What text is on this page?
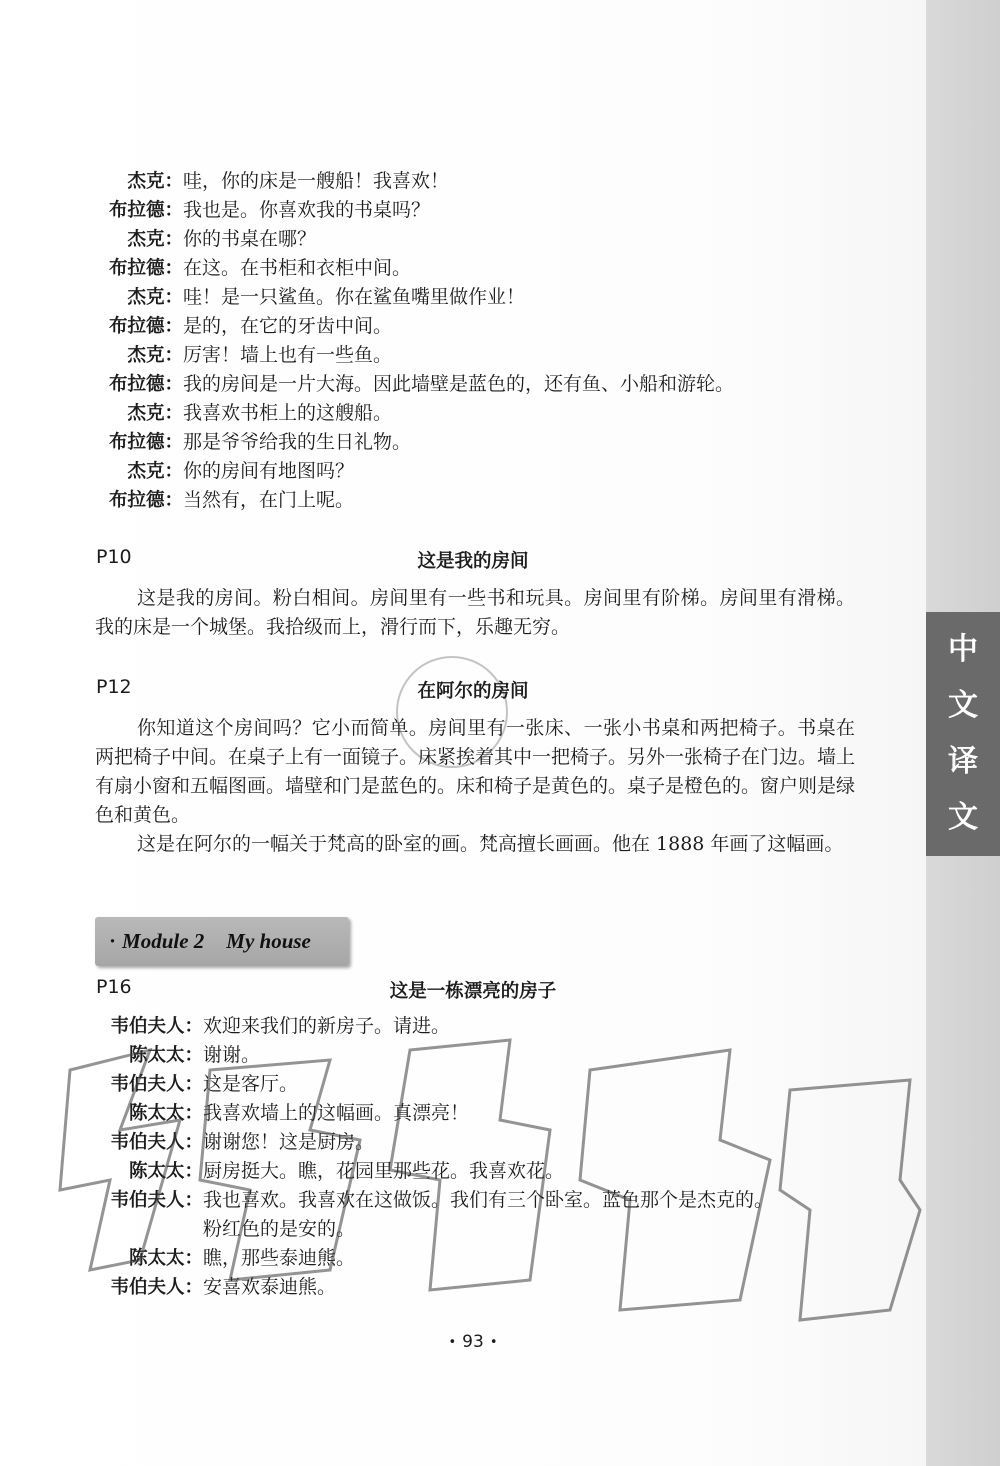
中
文
译
文
杰克： 哇，你的床是一艘船！我喜欢！
布拉德： 我也是。你喜欢我的书桌吗？
杰克： 你的书桌在哪？
布拉德： 在这。在书柜和衣柜中间。
杰克： 哇！是一只鲨鱼。你在鲨鱼嘴里做作业！
布拉德： 是的，在它的牙齿中间。
杰克： 厉害！墙上也有一些鱼。
布拉德： 我的房间是一片大海。因此墙壁是蓝色的，还有鱼、小船和游轮。
杰克： 我喜欢书柜上的这艘船。
布拉德： 那是爷爷给我的生日礼物。
杰克： 你的房间有地图吗？
布拉德： 当然有，在门上呢。
P10	这是我的房间

这是我的房间。粉白相间。房间里有一些书和玩具。房间里有阶梯。房间里有滑梯。我的床是一个城堡。我拾级而上，滑行而下，乐趣无穷。

P12	在阿尔的房间

你知道这个房间吗？它小而简单。房间里有一张床、一张小书桌和两把椅子。书桌在两把椅子中间。在桌子上有一面镜子。床紧挨着其中一把椅子。另外一张椅子在门边。墙上有扇小窗和五幅图画。墙壁和门是蓝色的。床和椅子是黄色的。桌子是橙色的。窗户则是绿色和黄色。

这是在阿尔的一幅关于梵高的卧室的画。梵高擅长画画。他在 1888 年画了这幅画。

· Module 2 My house
P16	这是一栋漂亮的房子
韦伯夫人： 欢迎来我们的新房子。请进。
陈太太： 谢谢。
韦伯夫人： 这是客厅。
陈太太： 我喜欢墙上的这幅画。真漂亮！
韦伯夫人： 谢谢您！这是厨房。
陈太太： 厨房挺大。瞧，花园里那些花。我喜欢花。
韦伯夫人： 我也喜欢。我喜欢在这做饭。我们有三个卧室。蓝色那个是杰克的。
粉红色的是安的。
陈太太： 瞧，那些泰迪熊。
韦伯夫人： 安喜欢泰迪熊。
• 93 •
